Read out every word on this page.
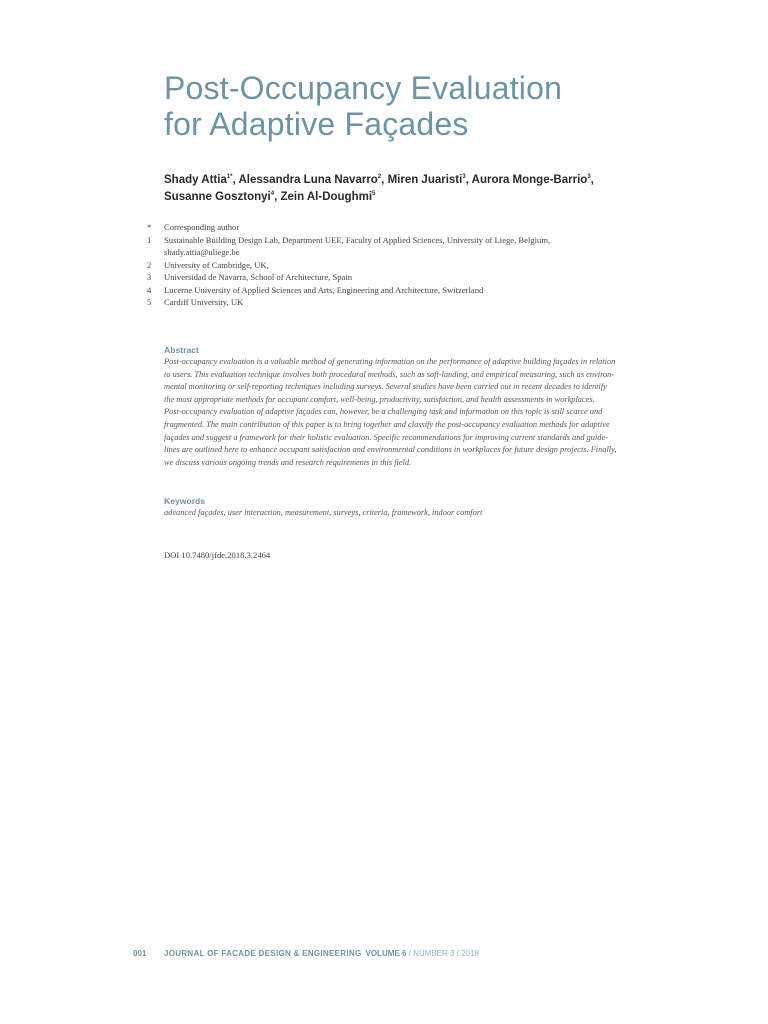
Post-Occupancy Evaluation
for Adaptive Façades

Shady Attia$^{1*}$, Alessandra Luna Navarro$^2$, Miren Juaristi$^3$, Aurora Monge-Barrio$^3$, Susanne Gosztonyi$^4$, Zein Al-Doughmi$^5$

*	Corresponding author
1	Sustainable Building Design Lab, Department UEE, Faculty of Applied Sciences, University of Liege, Belgium, shady.attia@uliege.be
2	University of Cambridge, UK,
3	Universidad de Navarra, School of Architecture, Spain
4	Lucerne University of Applied Sciences and Arts, Engineering and Architecture, Switzerland
5	Cardiff University, UK
Abstract

Post-occupancy evaluation is a valuable method of generating information on the performance of adaptive building façades in relation
to users. This evaluation technique involves both procedural methods, such as soft-landing, and empirical measuring, such as environ-
mental monitoring or self-reporting techniques including surveys. Several studies have been carried out in recent decades to identify
the most appropriate methods for occupant comfort, well-being, productivity, satisfaction, and health assessments in workplaces.
Post-occupancy evaluation of adaptive façades can, however, be a challenging task and information on this topic is still scarce and
fragmented. The main contribution of this paper is to bring together and classify the post-occupancy evaluation methods for adaptive
façades and suggest a framework for their holistic evaluation. Specific recommendations for improving current standards and guide-
lines are outlined here to enhance occupant satisfaction and environmental conditions in workplaces for future design projects. Finally,
we discuss various ongoing trends and research requirements in this field.

Keywords

advanced façades, user interaction, measurement, surveys, criteria, framework, indoor comfort

DOI 10.7480/jfde.2018.3.2464

001 JOURNAL OF FACADE DESIGN & ENGINEERING VOLUME 6 / NUMBER 3 / 2018
